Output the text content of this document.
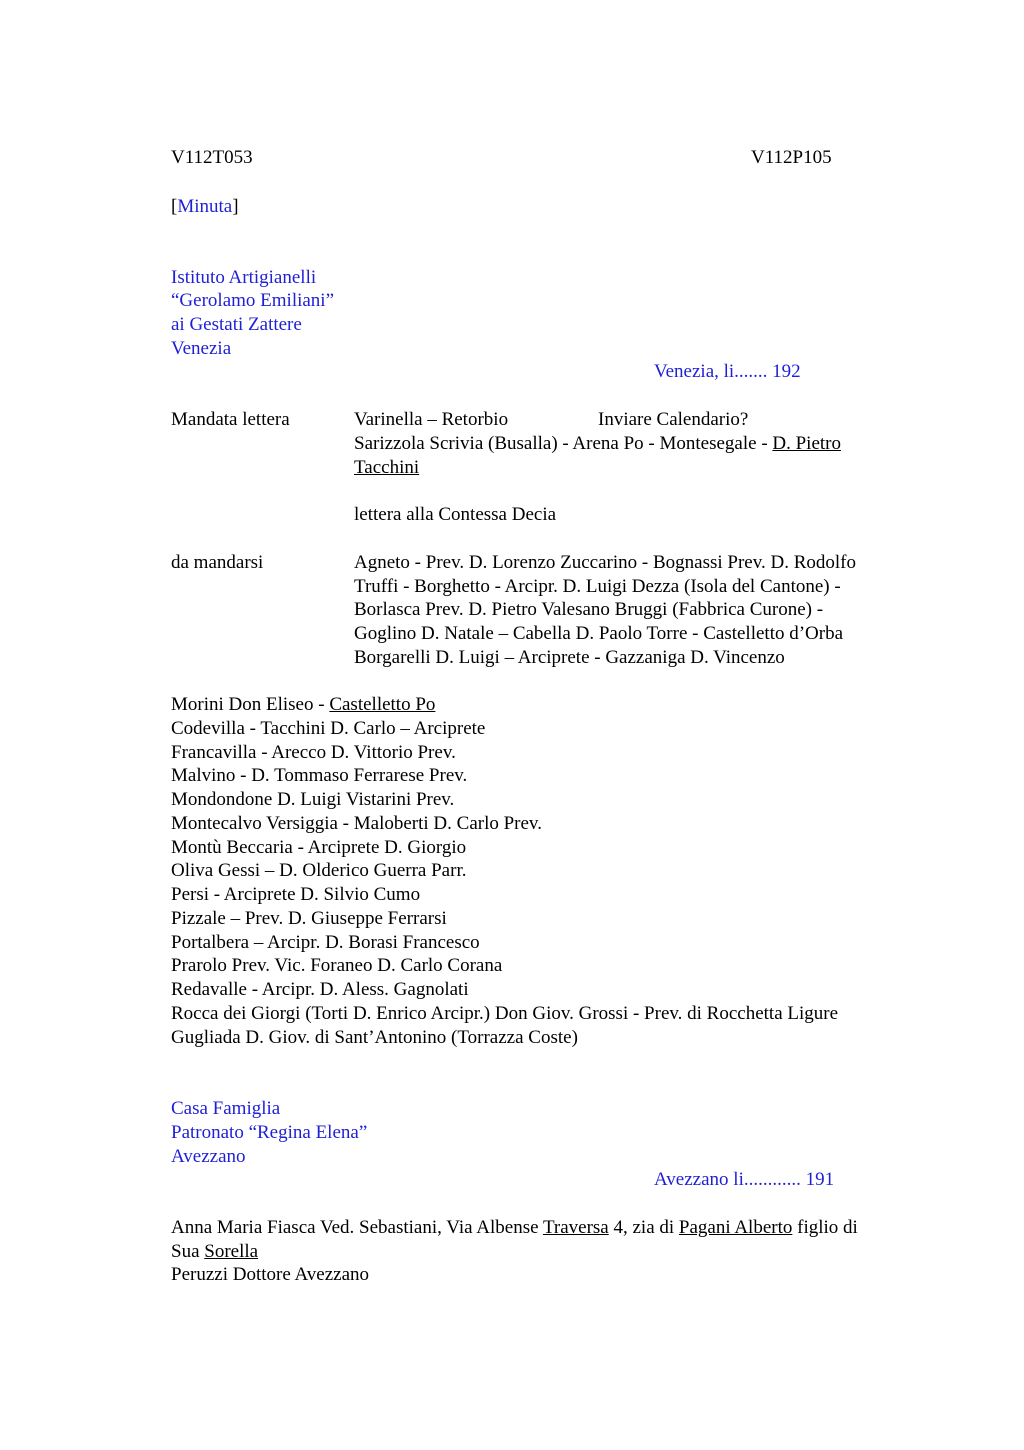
V112T053	V112P105
[Minuta]
Istituto Artigianelli
“Gerolamo Emiliani”
ai Gestati Zattere
Venezia
Venezia, li....... 192
Mandata lettera	Varinella – Retorbio	Inviare Calendario?
Sarizzola Scrivia (Busalla) - Arena Po - Montesegale - D. Pietro
Tacchini
lettera alla Contessa Decia
da mandarsi	Agneto - Prev. D. Lorenzo Zuccarino - Bognassi Prev. D. Rodolfo
Truffi - Borghetto - Arcipr. D. Luigi Dezza (Isola del Cantone) -
Borlasca Prev. D. Pietro Valesano Bruggi (Fabbrica Curone) -
Goglino D. Natale – Cabella D. Paolo Torre - Castelletto d’Orba
Borgarelli D. Luigi – Arciprete - Gazzaniga D. Vincenzo
Morini Don Eliseo - Castelletto Po
Codevilla - Tacchini D. Carlo – Arciprete
Francavilla - Arecco D. Vittorio Prev.
Malvino - D. Tommaso Ferrarese Prev.
Mondondone D. Luigi Vistarini Prev.
Montecalvo Versiggia - Maloberti D. Carlo Prev.
Montù Beccaria - Arciprete D. Giorgio
Oliva Gessi – D. Olderico Guerra Parr.
Persi - Arciprete D. Silvio Cumo
Pizzale – Prev. D. Giuseppe Ferrarsi
Portalbera – Arcipr. D. Borasi Francesco
Prarolo Prev. Vic. Foraneo D. Carlo Corana
Redavalle - Arcipr. D. Aless. Gagnolati
Rocca dei Giorgi (Torti D. Enrico Arcipr.) Don Giov. Grossi - Prev. di Rocchetta Ligure
Gugliada D. Giov. di Sant’Antonino (Torrazza Coste)
Casa Famiglia
Patronato “Regina Elena”
Avezzano
Avezzano li............ 191
Anna Maria Fiasca Ved. Sebastiani, Via Albense Traversa 4, zia di Pagani Alberto figlio di
Sua Sorella
Peruzzi Dottore Avezzano
